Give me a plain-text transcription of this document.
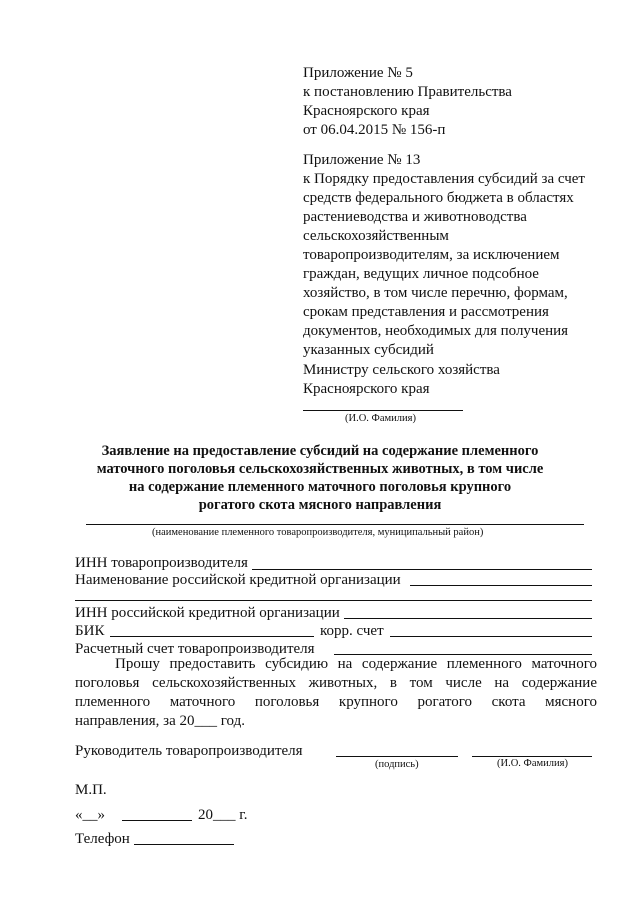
Приложение № 5
к постановлению Правительства
Красноярского края
от 06.04.2015 № 156-п
Приложение № 13
к Порядку предоставления субсидий за счет
средств федерального бюджета в областях
растениеводства и животноводства
сельскохозяйственным
товаропроизводителям, за исключением
граждан, ведущих личное подсобное
хозяйство, в том числе перечню, формам,
срокам представления и рассмотрения
документов, необходимых для получения
указанных субсидий
Министру сельского хозяйства
Красноярского края
(И.О. Фамилия)
Заявление на предоставление субсидий на содержание племенного
маточного поголовья сельскохозяйственных животных, в том числе
на содержание племенного маточного поголовья крупного
рогатого скота мясного направления
(наименование племенного товаропроизводителя, муниципальный район)
ИНН товаропроизводителя
Наименование российской кредитной организации
ИНН российской кредитной организации
БИК	корр. счет
Расчетный счет товаропроизводителя
Прошу предоставить субсидию на содержание племенного маточного
поголовья сельскохозяйственных животных, в том числе на содержание
племенного маточного поголовья крупного рогатого скота мясного
направления, за 20___ год.
Руководитель товаропроизводителя
(подпись)	(И.О. Фамилия)
М.П.
«__»	20___ г.
Телефон
